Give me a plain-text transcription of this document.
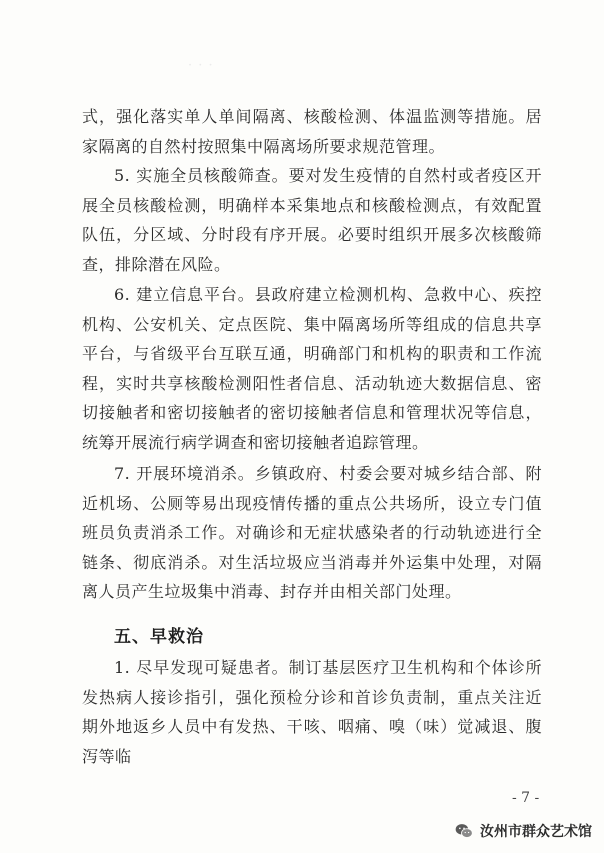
· · ·

式，强化落实单人单间隔离、核酸检测、体温监测等措施。居家隔离的自然村按照集中隔离场所要求规范管理。

5. 实施全员核酸筛查。要对发生疫情的自然村或者疫区开展全员核酸检测，明确样本采集地点和核酸检测点，有效配置队伍，分区域、分时段有序开展。必要时组织开展多次核酸筛查，排除潜在风险。

6. 建立信息平台。县政府建立检测机构、急救中心、疾控机构、公安机关、定点医院、集中隔离场所等组成的信息共享平台，与省级平台互联互通，明确部门和机构的职责和工作流程，实时共享核酸检测阳性者信息、活动轨迹大数据信息、密切接触者和密切接触者的密切接触者信息和管理状况等信息，统筹开展流行病学调查和密切接触者追踪管理。

7. 开展环境消杀。乡镇政府、村委会要对城乡结合部、附近机场、公厕等易出现疫情传播的重点公共场所，设立专门值班员负责消杀工作。对确诊和无症状感染者的行动轨迹进行全链条、彻底消杀。对生活垃圾应当消毒并外运集中处理，对隔离人员产生垃圾集中消毒、封存并由相关部门处理。

五、早救治

1. 尽早发现可疑患者。制订基层医疗卫生机构和个体诊所发热病人接诊指引，强化预检分诊和首诊负责制，重点关注近期外地返乡人员中有发热、干咳、咽痛、嗅（味）觉减退、腹泻等临

- 7 -
汝州市群众艺术馆
